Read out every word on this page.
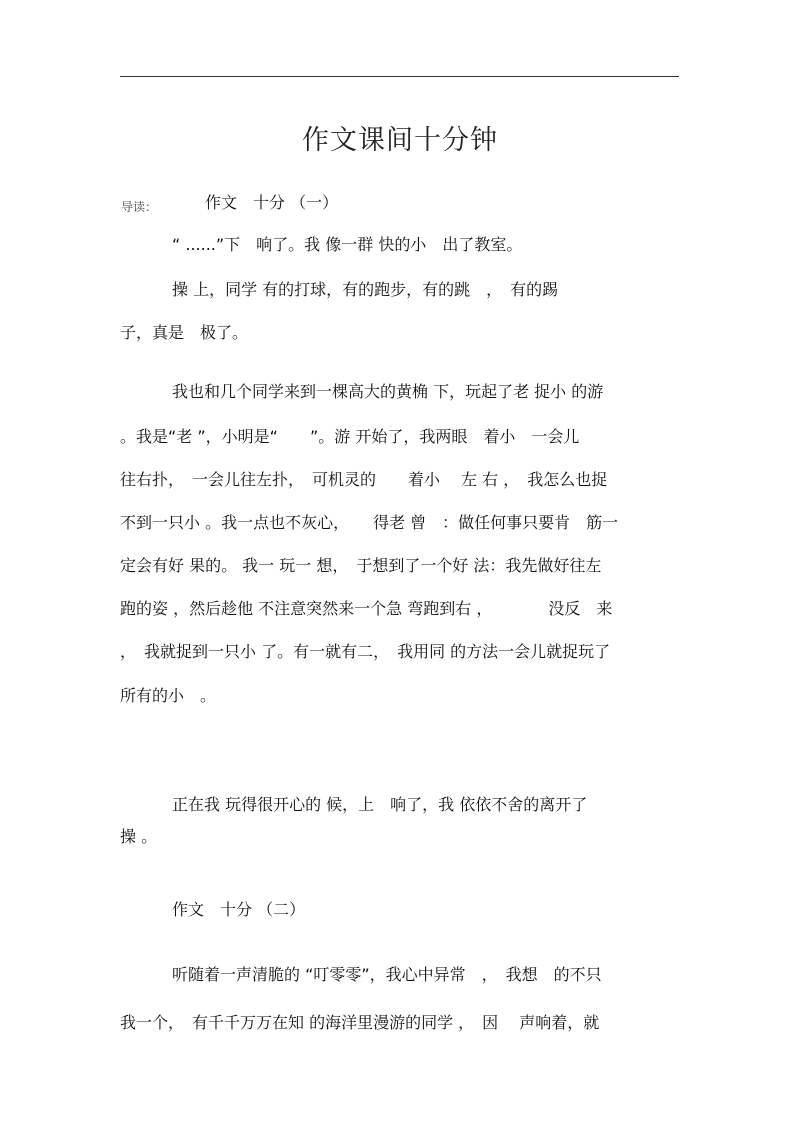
作文课间十分钟
导读：	作文　十分 （一）
“ ......”下　响了。我 像一群 快的小　出了教室。
操 上，同学 有的打球，有的跑步，有的跳　，　有的踢
子，真是　极了。
我也和几个同学来到一棵高大的黄桷 下，玩起了老 捉小 的游
。我是“老 ”，小明是“　　”。游 开始了，我两眼　着小　一会儿
往右扑，　一会儿往左扑，　可机灵的　　着小　 左 右 ，　我怎么也捉
不到一只小 。我一点也不灰心，　　得老 曾　：做任何事只要肯　筋一
定会有好 果的。 我一 玩一 想，　于想到了一个好 法：我先做好往左
跑的姿 ，然后趁他 不注意突然来一个急 弯跑到右 ，　　　　没反　来
，　我就捉到一只小 了。有一就有二，　我用同 的方法一会儿就捉玩了
所有的小　。
正在我 玩得很开心的 候，上　响了，我 依依不舍的离开了
操 。
作文　十分 （二）
听随着一声清脆的 “叮零零”，我心中异常　，　我想　的不只
我一个，　有千千万万在知 的海洋里漫游的同学 ，　因　 声响着，就
